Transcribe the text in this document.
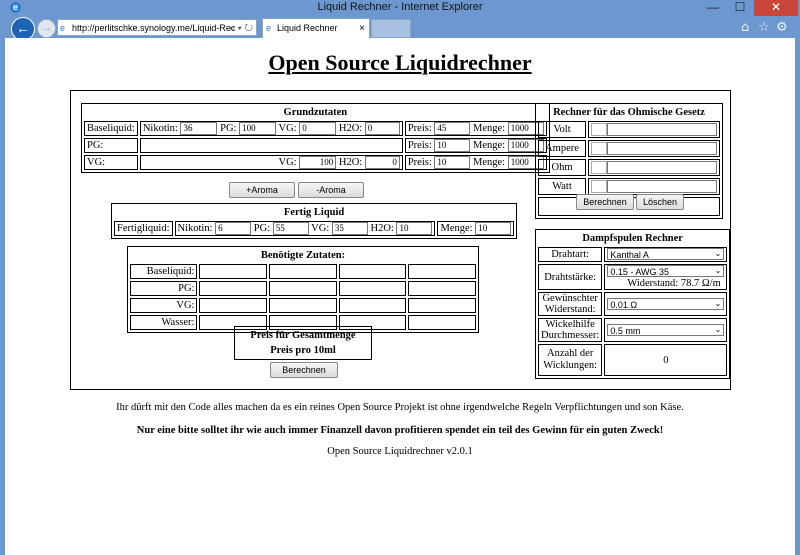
e	Liquid Rechner - Internet Explorer	—	☐	✕
←	→ e http://perlitschke.synology.me/Liquid-Rec
⌕ ▾ ↻ e Liquid Rechner ×	⌂ ☆ ⚙
Open Source Liquidrechner
Grundzutaten		
Baseliquid:	Nikotin: 36 PG: 100 VG: 0 H2O: 0	Preis: 45 Menge: 1000
PG:		Preis: 10 Menge: 1000
VG:	VG: 100 H2O: 0	Preis: 10 Menge: 1000
+Aroma	-Aroma
Fertig Liquid
Fertigliquid:	Nikotin: 6	PG: 55	VG: 35	H2O: 10	Menge: 10
Benötigte Zutaten:				
Baseliquid:				
PG:				
VG:				
Wasser:				
Preis für Gesamtmenge
Preis pro 10ml
Berechnen
Rechner für das Ohmische Gesetz	
Volt	
Ampere	
Ohm	
Watt	

Berechnen	Löschen
Dampfspulen Rechner	
Drahtart:	Kanthal A ⌄

Drahtstärke:	0.15 - AWG 35 ⌄

Widerstand: 78.7 Ω/m
Gewünschter
Widerstand:	0.01 Ω ⌄

Wickelhilfe
Durchmesser:	0.5 mm ⌄

Anzahl der
Wicklungen:	0
Ihr dürft mit den Code alles machen da es ein reines Open Source Projekt ist ohne irgendwelche Regeln Verpflichtungen und son Käse.
Nur eine bitte solltet ihr wie auch immer Finanzell davon profitieren spendet ein teil des Gewinn für ein guten Zweck!
Open Source Liquidrechner v2.0.1
